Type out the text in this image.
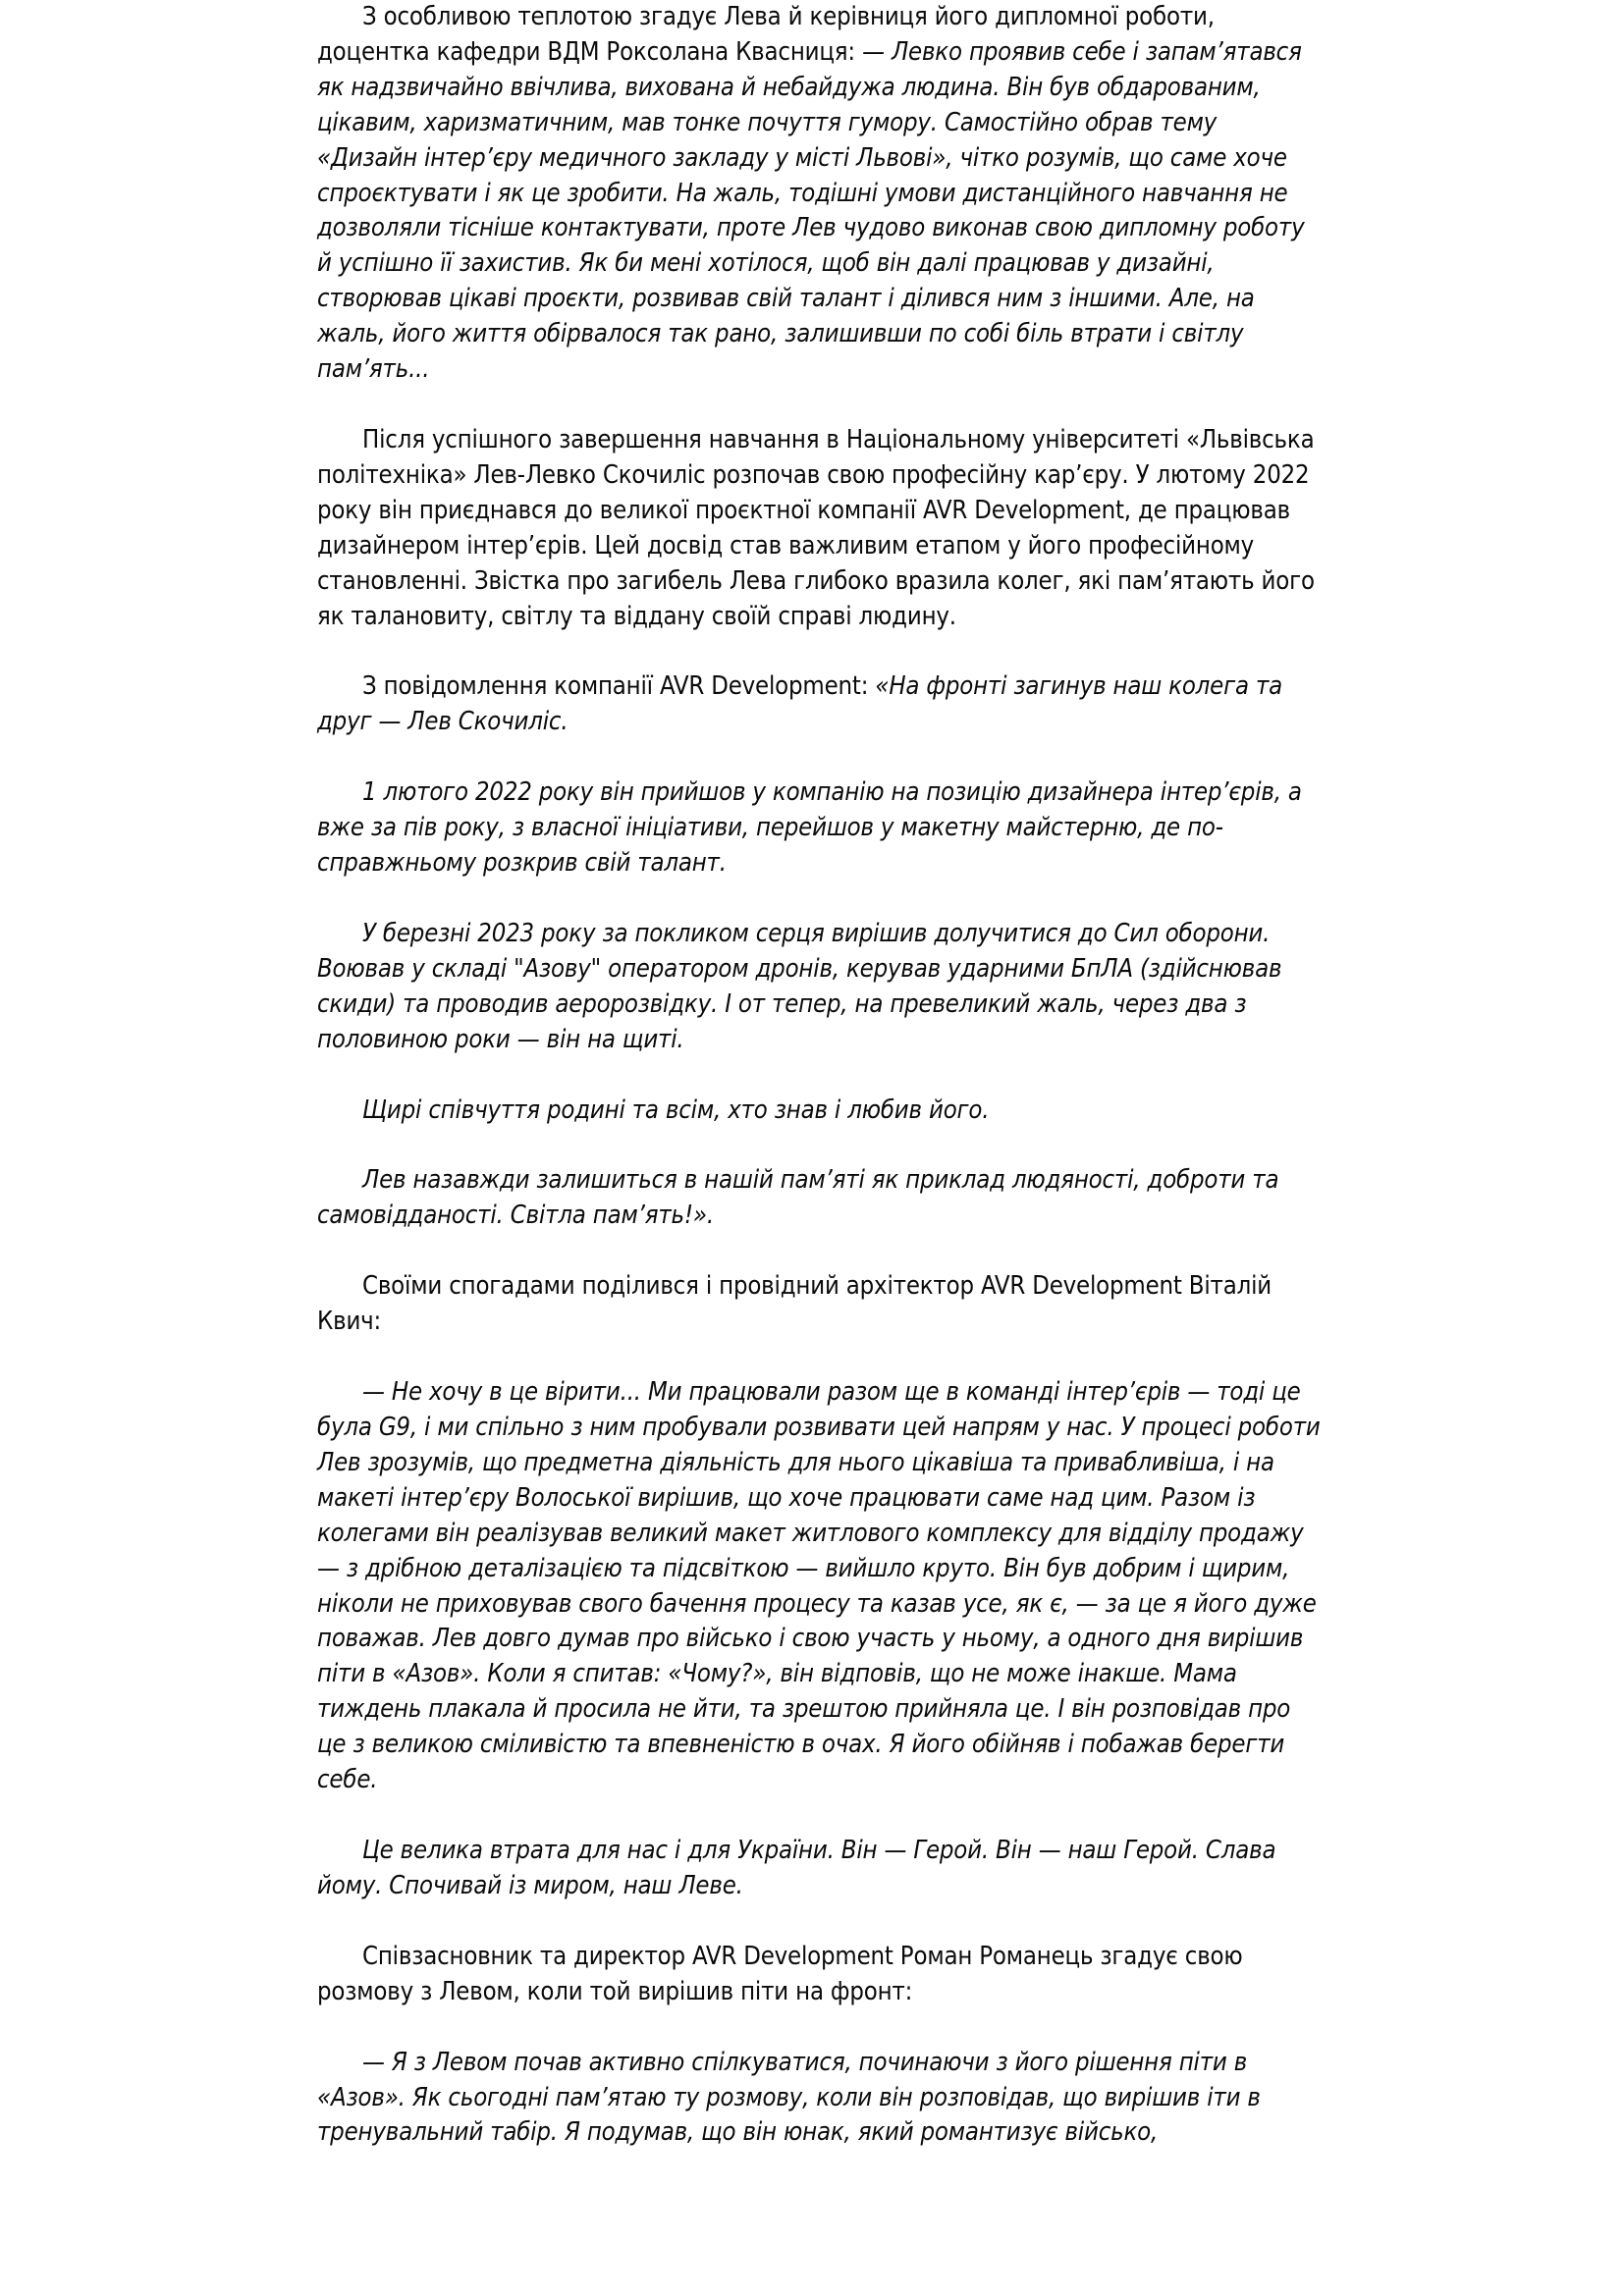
З особливою теплотою згадує Лева й керівниця його дипломної роботи, доцентка кафедри ВДМ Роксолана Квасниця: — Левко проявив себе і запам’ятався як надзвичайно ввічлива, вихована й небайдужа людина. Він був обдарованим, цікавим, харизматичним, мав тонке почуття гумору. Самостійно обрав тему «Дизайн інтер’єру медичного закладу у місті Львові», чітко розумів, що саме хоче спроєктувати і як це зробити. На жаль, тодішні умови дистанційного навчання не дозволяли тісніше контактувати, проте Лев чудово виконав свою дипломну роботу й успішно її захистив. Як би мені хотілося, щоб він далі працював у дизайні, створював цікаві проєкти, розвивав свій талант і ділився ним з іншими. Але, на жаль, його життя обірвалося так рано, залишивши по собі біль втрати і світлу пам’ять...

Після успішного завершення навчання в Національному університеті «Львівська політехніка» Лев-Левко Скочиліс розпочав свою професійну кар’єру. У лютому 2022 року він приєднався до великої проєктної компанії AVR Development, де працював дизайнером інтер’єрів. Цей досвід став важливим етапом у його професійному становленні. Звістка про загибель Лева глибоко вразила колег, які пам’ятають його як талановиту, світлу та віддану своїй справі людину.

З повідомлення компанії AVR Development: «На фронті загинув наш колега та друг — Лев Скочиліс.

1 лютого 2022 року він прийшов у компанію на позицію дизайнера інтер’єрів, а вже за пів року, з власної ініціативи, перейшов у макетну майстерню, де по-справжньому розкрив свій талант.

У березні 2023 року за покликом серця вирішив долучитися до Сил оборони. Воював у складі "Азову" оператором дронів, керував ударними БпЛА (здійснював скиди) та проводив аеророзвідку. І от тепер, на превеликий жаль, через два з половиною роки — він на щиті.

Щирі співчуття родині та всім, хто знав і любив його.

Лев назавжди залишиться в нашій пам’яті як приклад людяності, доброти та самовідданості. Світла пам’ять!».

Своїми спогадами поділився і провідний архітектор AVR Development Віталій Квич:

— Не хочу в це вірити... Ми працювали разом ще в команді інтер’єрів — тоді це була G9, і ми спільно з ним пробували розвивати цей напрям у нас. У процесі роботи Лев зрозумів, що предметна діяльність для нього цікавіша та привабливіша, і на макеті інтер’єру Волоської вирішив, що хоче працювати саме над цим. Разом із колегами він реалізував великий макет житлового комплексу для відділу продажу — з дрібною деталізацією та підсвіткою — вийшло круто. Він був добрим і щирим, ніколи не приховував свого бачення процесу та казав усе, як є, — за це я його дуже поважав. Лев довго думав про військо і свою участь у ньому, а одного дня вирішив піти в «Азов». Коли я спитав: «Чому?», він відповів, що не може інакше. Мама тиждень плакала й просила не йти, та зрештою прийняла це. І він розповідав про це з великою сміливістю та впевненістю в очах. Я його обійняв і побажав берегти себе.

Це велика втрата для нас і для України. Він — Герой. Він — наш Герой. Слава йому. Спочивай із миром, наш Леве.

Співзасновник та директор AVR Development Роман Романець згадує свою розмову з Левом, коли той вирішив піти на фронт:

— Я з Левом почав активно спілкуватися, починаючи з його рішення піти в «Азов». Як сьогодні пам’ятаю ту розмову, коли він розповідав, що вирішив іти в тренувальний табір. Я подумав, що він юнак, який романтизує військо,
